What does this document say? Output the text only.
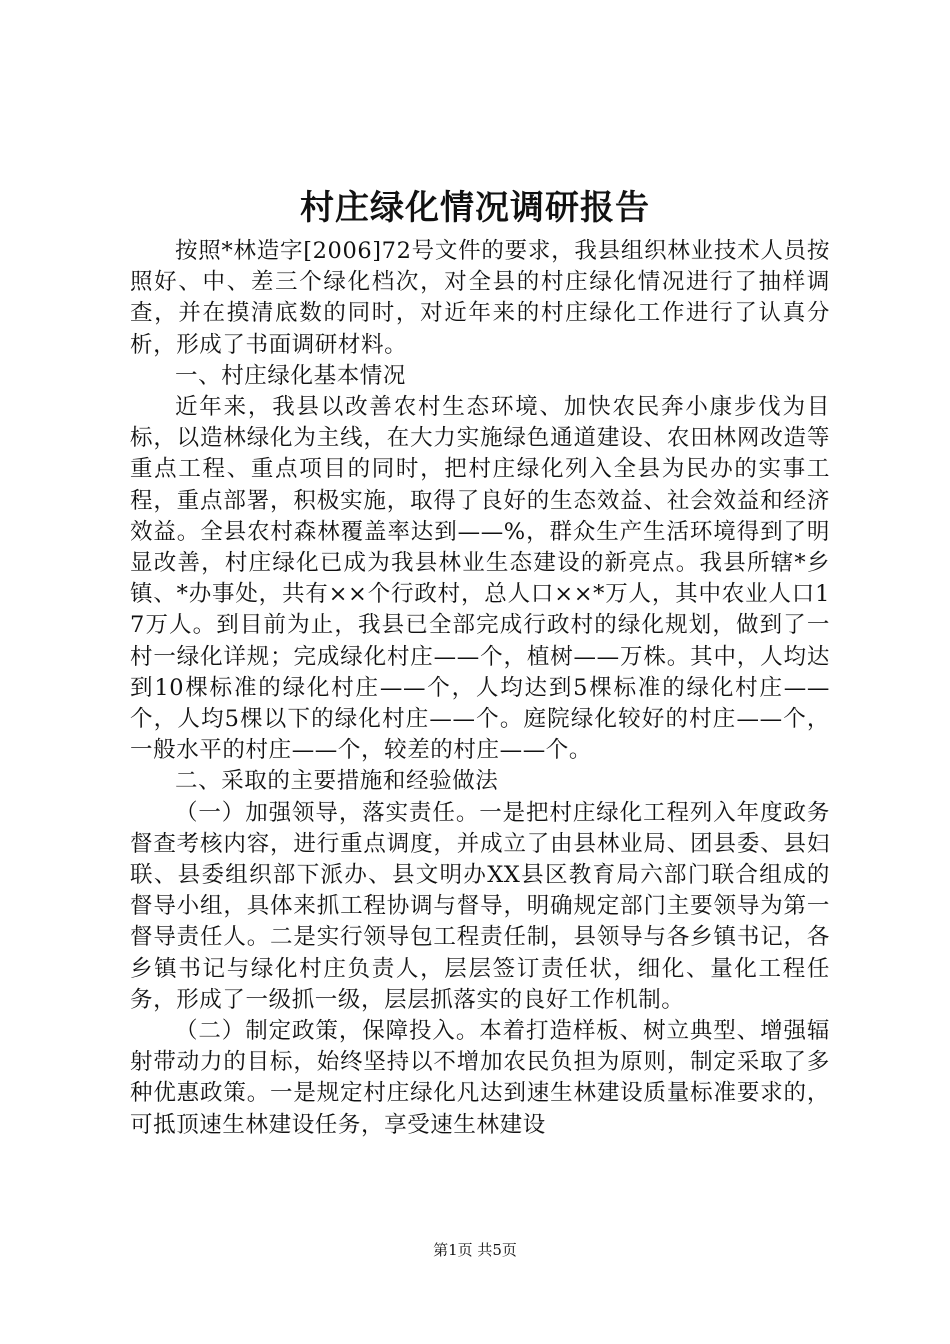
村庄绿化情况调研报告

按照*林造字[2006]72号文件的要求，我县组织林业技术人员按照好、中、差三个绿化档次，对全县的村庄绿化情况进行了抽样调查，并在摸清底数的同时，对近年来的村庄绿化工作进行了认真分析，形成了书面调研材料。

一、村庄绿化基本情况

近年来，我县以改善农村生态环境、加快农民奔小康步伐为目标，以造林绿化为主线，在大力实施绿色通道建设、农田林网改造等重点工程、重点项目的同时，把村庄绿化列入全县为民办的实事工程，重点部署，积极实施，取得了良好的生态效益、社会效益和经济效益。全县农村森林覆盖率达到——%，群众生产生活环境得到了明显改善，村庄绿化已成为我县林业生态建设的新亮点。我县所辖*乡镇、*办事处，共有××个行政村，总人口××*万人，其中农业人口17万人。到目前为止，我县已全部完成行政村的绿化规划，做到了一村一绿化详规；完成绿化村庄——个，植树——万株。其中，人均达到10棵标准的绿化村庄——个，人均达到5棵标准的绿化村庄——个，人均5棵以下的绿化村庄——个。庭院绿化较好的村庄——个，一般水平的村庄——个，较差的村庄——个。

二、采取的主要措施和经验做法

（一）加强领导，落实责任。一是把村庄绿化工程列入年度政务督查考核内容，进行重点调度，并成立了由县林业局、团县委、县妇联、县委组织部下派办、县文明办XX县区教育局六部门联合组成的督导小组，具体来抓工程协调与督导，明确规定部门主要领导为第一督导责任人。二是实行领导包工程责任制，县领导与各乡镇书记，各乡镇书记与绿化村庄负责人，层层签订责任状，细化、量化工程任务，形成了一级抓一级，层层抓落实的良好工作机制。

（二）制定政策，保障投入。本着打造样板、树立典型、增强辐射带动力的目标，始终坚持以不增加农民负担为原则，制定采取了多种优惠政策。一是规定村庄绿化凡达到速生林建设质量标准要求的，可抵顶速生林建设任务，享受速生林建设

第1页 共5页
